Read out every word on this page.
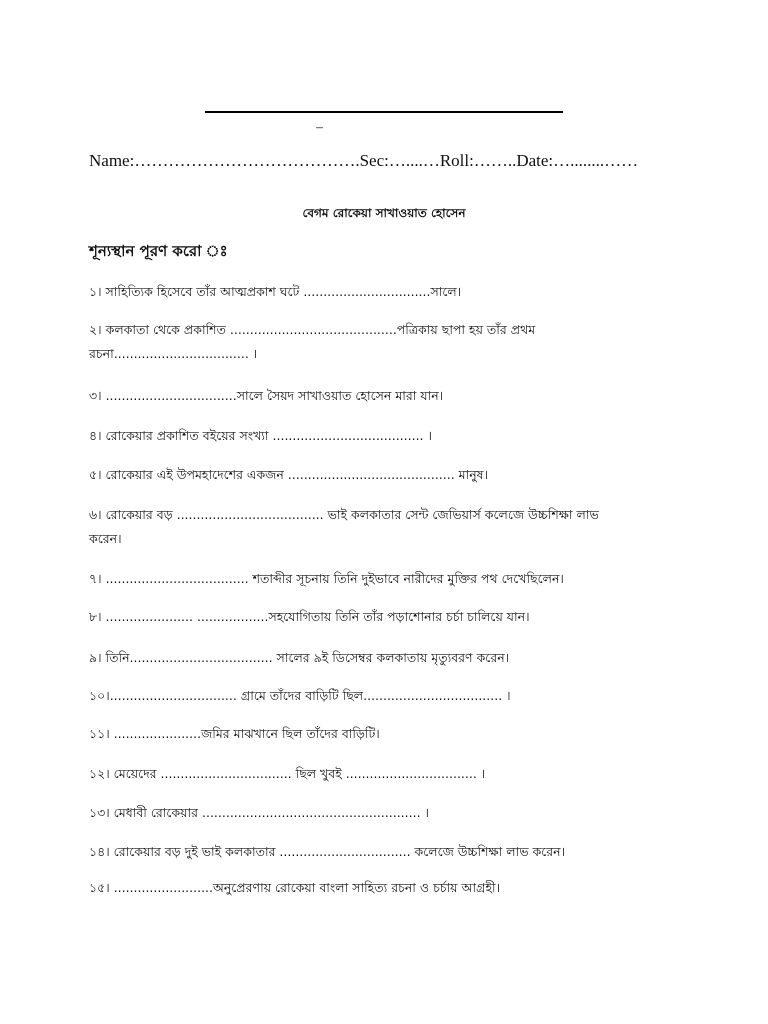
–
Name:………………………………….Sec:…....…Roll:……..Date:…........……
বেগম রোকেয়া সাখাওয়াত হোসেন
শূন্যস্থান পূরণ করো ঃ
১। সাহিত্যিক হিসেবে তাঁর আত্মপ্রকাশ ঘটে ................................সালে।
২। কলকাতা থেকে প্রকাশিত ..........................................পত্রিকায় ছাপা হয় তাঁর প্রথম
রচনা.................................. ।
৩। .................................সালে সৈয়দ সাখাওয়াত হোসেন মারা যান।
৪। রোকেয়ার প্রকাশিত বইয়ের সংখ্যা ...................................... ।
৫। রোকেয়ার এই উপমহাদেশের একজন .......................................... মানুষ।
৬। রোকেয়ার বড় ..................................... ভাই কলকাতার সেন্ট জেভিয়ার্স কলেজে উচ্চশিক্ষা লাভ
করেন।
৭। .................................... শতাব্দীর সূচনায় তিনি দুইভাবে নারীদের মুক্তির পথ দেখেছিলেন।
৮। ...................... ..................সহযোগিতায় তিনি তাঁর পড়াশোনার চর্চা চালিয়ে যান।
৯। তিনি.................................... সালের ৯ই ডিসেম্বর কলকাতায় মৃত্যুবরণ করেন।
১০।................................ গ্রামে তাঁদের বাড়িটি ছিল................................... ।
১১। ......................জমির মাঝখানে ছিল তাঁদের বাড়িটি।
১২। মেয়েদের ................................. ছিল খুবই ................................. ।
১৩। মেধাবী রোকেয়ার ....................................................... ।
১৪। রোকেয়ার বড় দুই ভাই কলকাতার ................................. কলেজে উচ্চশিক্ষা লাভ করেন।
১৫। .........................অনুপ্রেরণায় রোকেয়া বাংলা সাহিত্য রচনা ও চর্চায় আগ্রহী।
